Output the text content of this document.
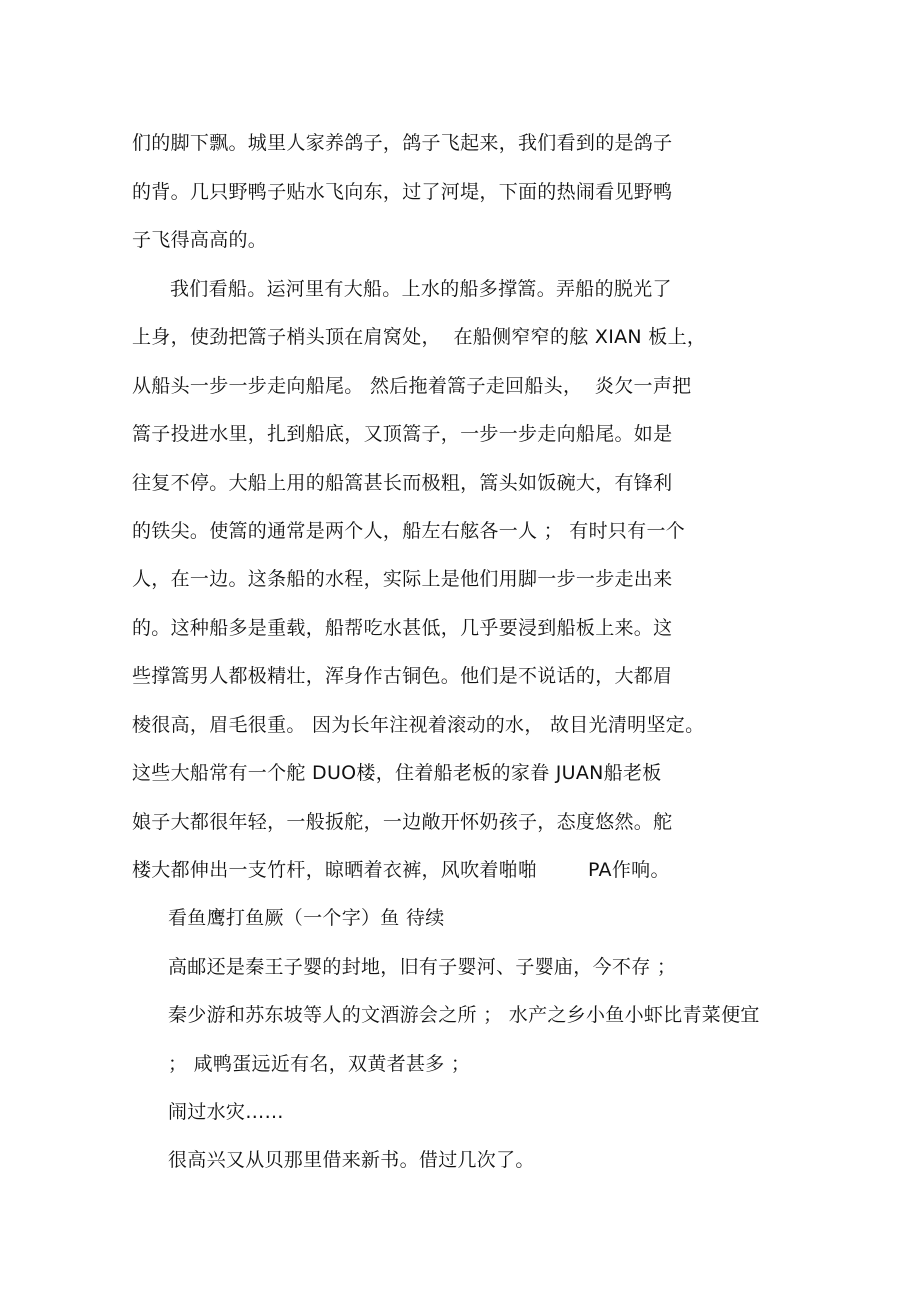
们的脚下飘。城里人家养鸽子，鸽子飞起来，我们看到的是鸽子
的背。几只野鸭子贴水飞向东，过了河堤，下面的热闹看见野鸭
子飞得高高的。
我们看船。运河里有大船。上水的船多撑篙。弄船的脱光了
上身，使劲把篙子梢头顶在肩窝处，  在船侧窄窄的舷 XIAN 板上，
从船头一步一步走向船尾。 然后拖着篙子走回船头，  炎欠一声把
篙子投进水里，扎到船底，又顶篙子，一步一步走向船尾。如是
往复不停。大船上用的船篙甚长而极粗，篙头如饭碗大，有锋利
的铁尖。使篙的通常是两个人，船左右舷各一人 ； 有时只有一个
人，在一边。这条船的水程，实际上是他们用脚一步一步走出来
的。这种船多是重载，船帮吃水甚低，几乎要浸到船板上来。这
些撑篙男人都极精壮，浑身作古铜色。他们是不说话的，大都眉
棱很高，眉毛很重。 因为长年注视着滚动的水， 故目光清明坚定。
这些大船常有一个舵 DUO楼，住着船老板的家眷 JUAN船老板
娘子大都很年轻，一般扳舵，一边敞开怀奶孩子，态度悠然。舵
楼大都伸出一支竹杆，晾晒着衣裤，风吹着啪啪        PA作响。
看鱼鹰打鱼厥（一个字）鱼 待续
高邮还是秦王子婴的封地，旧有子婴河、子婴庙，今不存 ；
秦少游和苏东坡等人的文酒游会之所 ； 水产之乡小鱼小虾比青菜便宜
； 咸鸭蛋远近有名，双黄者甚多 ；
闹过水灾……
很高兴又从贝那里借来新书。借过几次了。
